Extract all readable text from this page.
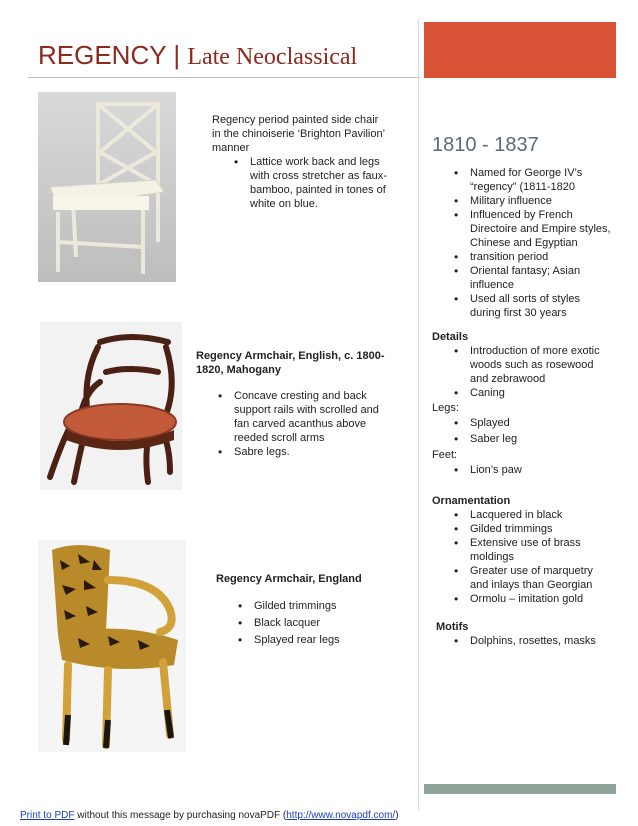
REGENCY | Late Neoclassical
Regency period painted side chair in the chinoiserie ‘Brighton Pavilion’ manner
• Lattice work back and legs with cross stretcher as faux-bamboo, painted in tones of white on blue.
Regency Armchair, English, c. 1800-1820, Mahogany
• Concave cresting and back support rails with scrolled and fan carved acanthus above reeded scroll arms
• Sabre legs.
Regency Armchair, England
• Gilded trimmings
• Black lacquer
• Splayed rear legs
1810 - 1837
• Named for George IV’s “regency” (1811-1820
• Military influence
• Influenced by French Directoire and Empire styles, Chinese and Egyptian
• transition period
• Oriental fantasy; Asian influence
• Used all sorts of styles during first 30 years
Details
• Introduction of more exotic woods such as rosewood and zebrawood
• Caning
Legs:
• Splayed
• Saber leg
Feet:
• Lion’s paw
Ornamentation
• Lacquered in black
• Gilded trimmings
• Extensive use of brass moldings
• Greater use of marquetry and inlays than Georgian
• Ormolu – imitation gold
Motifs
• Dolphins, rosettes, masks
Print to PDF without this message by purchasing novaPDF (http://www.novapdf.com/)
